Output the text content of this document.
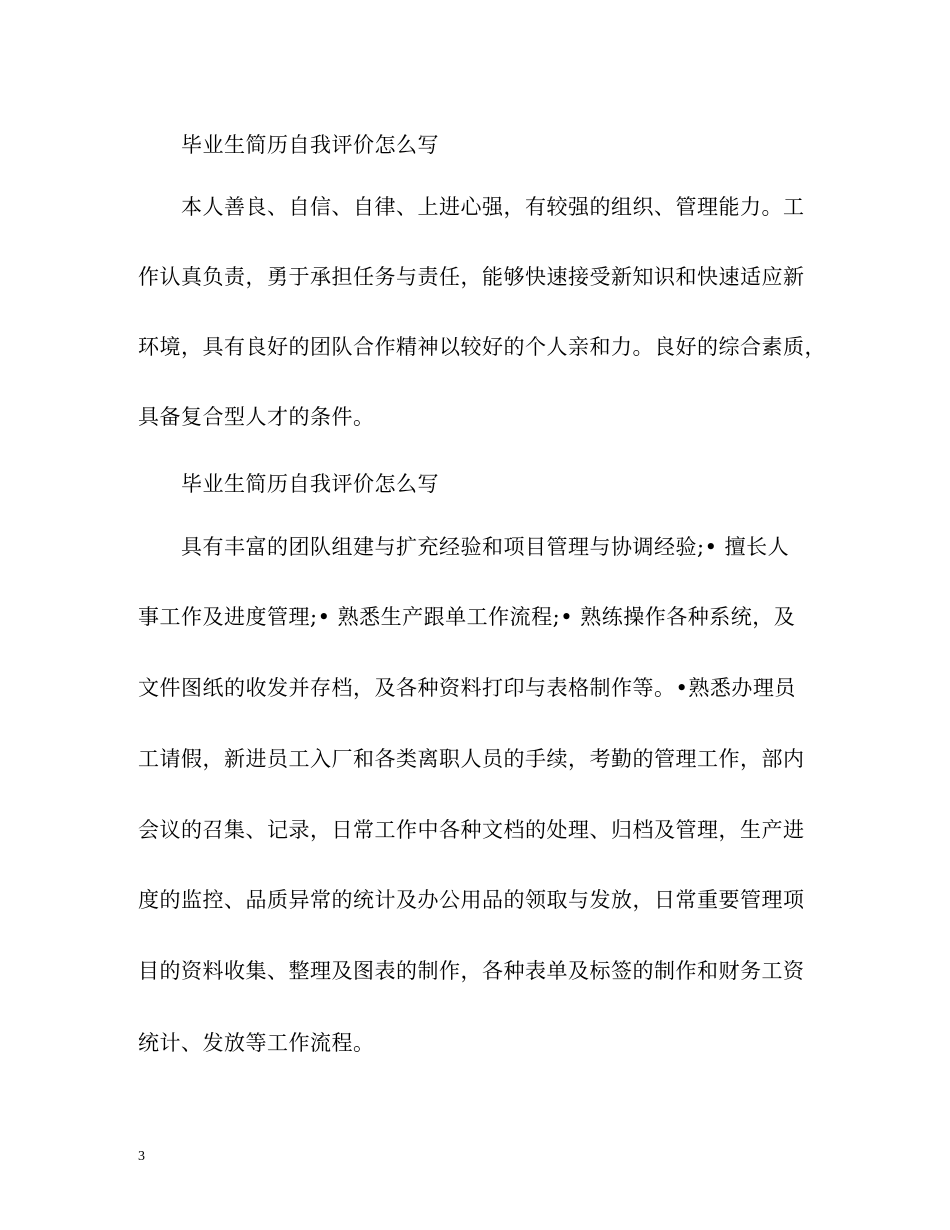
毕业生简历自我评价怎么写
本人善良、自信、自律、上进心强，有较强的组织、管理能力。工
作认真负责，勇于承担任务与责任，能够快速接受新知识和快速适应新
环境，具有良好的团队合作精神以较好的个人亲和力。良好的综合素质，
具备复合型人才的条件。
毕业生简历自我评价怎么写
具有丰富的团队组建与扩充经验和项目管理与协调经验;• 擅长人
事工作及进度管理;• 熟悉生产跟单工作流程;• 熟练操作各种系统，及
文件图纸的收发并存档，及各种资料打印与表格制作等。•熟悉办理员
工请假，新进员工入厂和各类离职人员的手续，考勤的管理工作，部内
会议的召集、记录，日常工作中各种文档的处理、归档及管理，生产进
度的监控、品质异常的统计及办公用品的领取与发放，日常重要管理项
目的资料收集、整理及图表的制作，各种表单及标签的制作和财务工资
统计、发放等工作流程。
3
